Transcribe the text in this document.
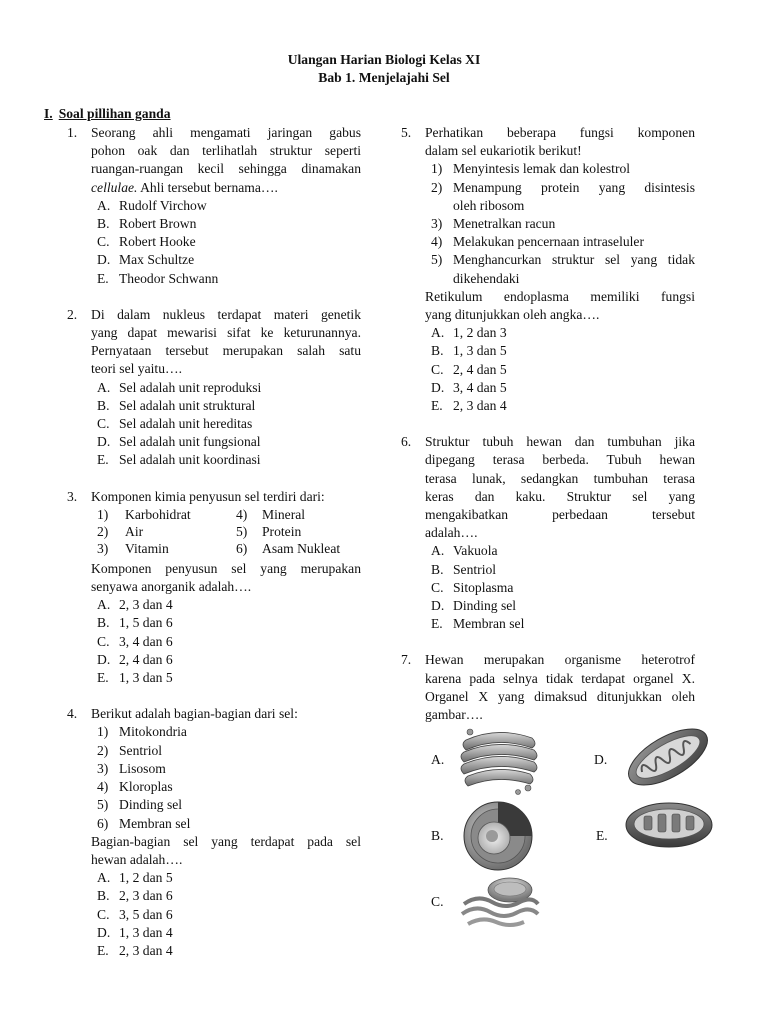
Ulangan Harian Biologi Kelas XI
Bab 1. Menjelajahi Sel
I. Soal pillihan ganda
1. Seorang ahli mengamati jaringan gabus
pohon oak dan terlihatlah struktur seperti
ruangan-ruangan kecil sehingga dinamakan
cellulae. Ahli tersebut bernama….
A. Rudolf Virchow
B. Robert Brown
C. Robert Hooke
D. Max Schultze
E. Theodor Schwann
2. Di dalam nukleus terdapat materi genetik
yang dapat mewarisi sifat ke keturunannya.
Pernyataan tersebut merupakan salah satu
teori sel yaitu….
A. Sel adalah unit reproduksi
B. Sel adalah unit struktural
C. Sel adalah unit hereditas
D. Sel adalah unit fungsional
E. Sel adalah unit koordinasi
3. Komponen kimia penyusun sel terdiri dari:
1) Karbohidrat	4) Mineral
2) Air	5) Protein
3) Vitamin	6) Asam Nukleat
Komponen penyusun sel yang merupakan
senyawa anorganik adalah….
A. 2, 3 dan 4
B. 1, 5 dan 6
C. 3, 4 dan 6
D. 2, 4 dan 6
E. 1, 3 dan 5
4. Berikut adalah bagian-bagian dari sel:
1) Mitokondria
2) Sentriol
3) Lisosom
4) Kloroplas
5) Dinding sel
6) Membran sel
Bagian-bagian sel yang terdapat pada sel
hewan adalah….
A. 1, 2 dan 5
B. 2, 3 dan 6
C. 3, 5 dan 6
D. 1, 3 dan 4
E. 2, 3 dan 4
5. Perhatikan beberapa fungsi komponen
dalam sel eukariotik berikut!
1) Menyintesis lemak dan kolestrol
2) Menampung protein yang disintesis
oleh ribosom
3) Menetralkan racun
4) Melakukan pencernaan intraseluler
5) Menghancurkan struktur sel yang tidak
dikehendaki
Retikulum endoplasma memiliki fungsi
yang ditunjukkan oleh angka….
A. 1, 2 dan 3
B. 1, 3 dan 5
C. 2, 4 dan 5
D. 3, 4 dan 5
E. 2, 3 dan 4
6. Struktur tubuh hewan dan tumbuhan jika
dipegang terasa berbeda. Tubuh hewan
terasa lunak, sedangkan tumbuhan terasa
keras dan kaku. Struktur sel yang
mengakibatkan perbedaan tersebut
adalah….
A. Vakuola
B. Sentriol
C. Sitoplasma
D. Dinding sel
E. Membran sel
7. Hewan merupakan organisme heterotrof
karena pada selnya tidak terdapat organel X.
Organel X yang dimaksud ditunjukkan oleh
gambar….
A.
B.
C.
D.
E.
